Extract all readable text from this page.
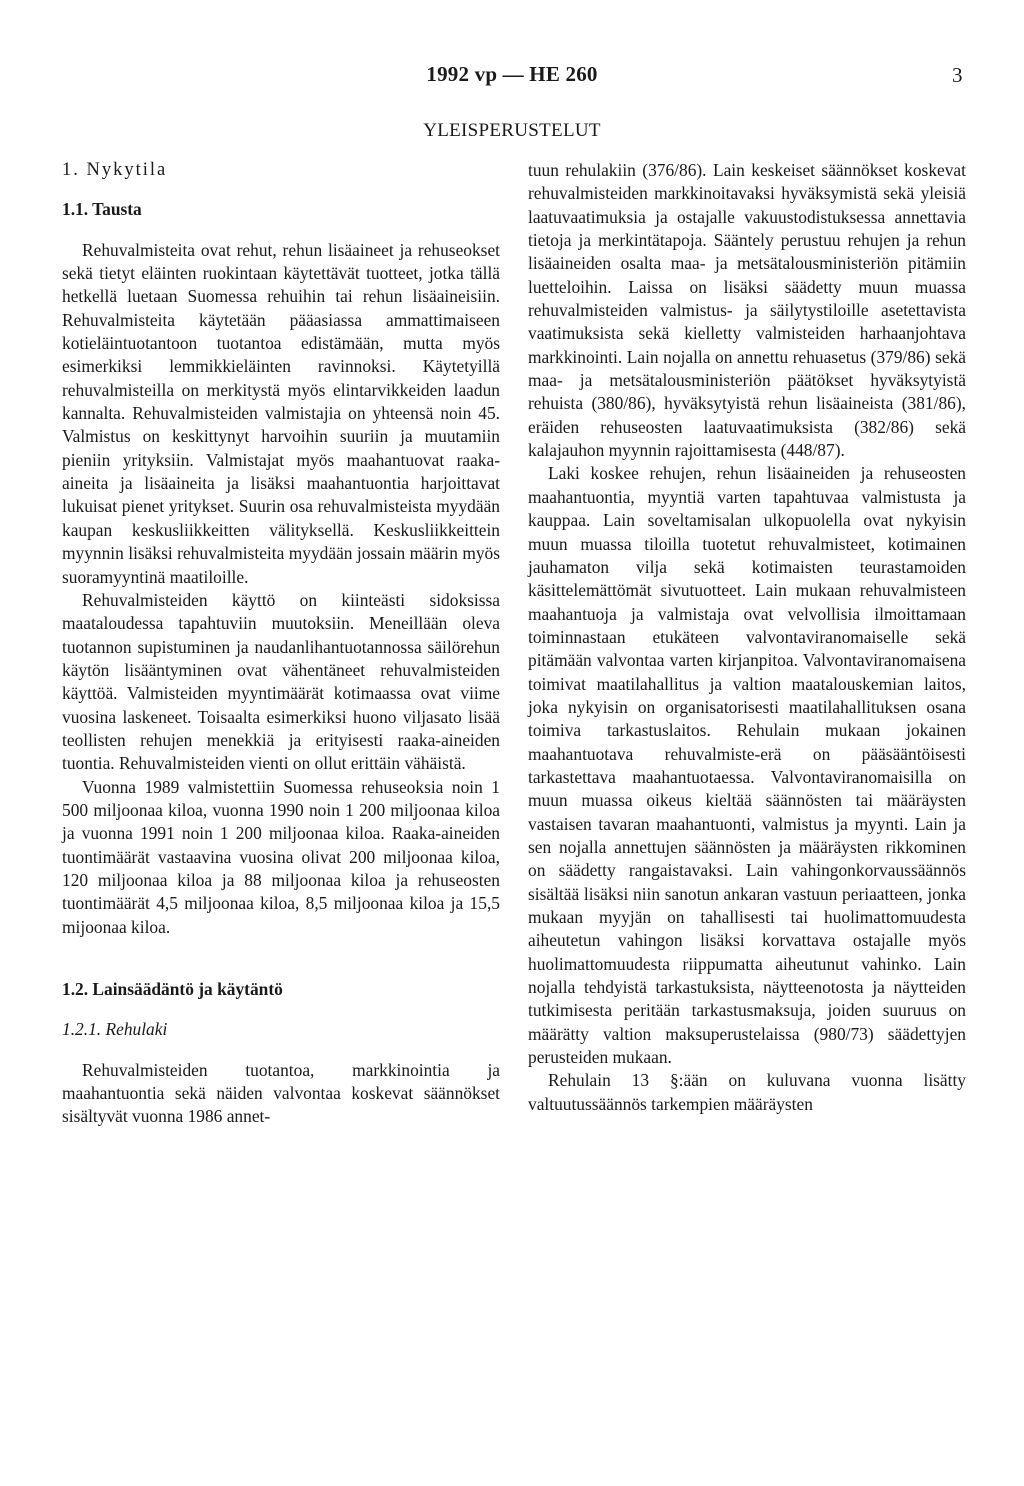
1992 vp — HE 260	3
YLEISPERUSTELUT
1. Nykytila
1.1. Tausta

Rehuvalmisteita ovat rehut, rehun lisäaineet ja rehuseokset sekä tietyt eläinten ruokintaan käytettävät tuotteet, jotka tällä hetkellä luetaan Suomessa rehuihin tai rehun lisäaineisiin. Rehuvalmisteita käytetään pääasiassa ammattimaiseen kotieläintuotantoon tuotantoa edistämään, mutta myös esimerkiksi lemmikkieläinten ravinnoksi. Käytetyillä rehuvalmisteilla on merkitystä myös elintarvikkeiden laadun kannalta. Rehuvalmisteiden valmistajia on yhteensä noin 45. Valmistus on keskittynyt harvoihin suuriin ja muutamiin pieniin yrityksiin. Valmistajat myös maahantuovat raaka-aineita ja lisäaineita ja lisäksi maahantuontia harjoittavat lukuisat pienet yritykset. Suurin osa rehuvalmisteista myydään kaupan keskusliikkeitten välityksellä. Keskusliikkeittein myynnin lisäksi rehuvalmisteita myydään jossain määrin myös suoramyyntinä maatiloille.

Rehuvalmisteiden käyttö on kiinteästi sidoksissa maataloudessa tapahtuviin muutoksiin. Meneillään oleva tuotannon supistuminen ja naudanlihantuotannossa säilörehun käytön lisääntyminen ovat vähentäneet rehuvalmisteiden käyttöä. Valmisteiden myyntimäärät kotimaassa ovat viime vuosina laskeneet. Toisaalta esimerkiksi huono viljasato lisää teollisten rehujen menekkiä ja erityisesti raaka-aineiden tuontia. Rehuvalmisteiden vienti on ollut erittäin vähäistä.

Vuonna 1989 valmistettiin Suomessa rehuseoksia noin 1 500 miljoonaa kiloa, vuonna 1990 noin 1 200 miljoonaa kiloa ja vuonna 1991 noin 1 200 miljoonaa kiloa. Raaka-aineiden tuontimäärät vastaavina vuosina olivat 200 miljoonaa kiloa, 120 miljoonaa kiloa ja 88 miljoonaa kiloa ja rehuseosten tuontimäärät 4,5 miljoonaa kiloa, 8,5 miljoonaa kiloa ja 15,5 mijoonaa kiloa.

1.2. Lainsäädäntö ja käytäntö
1.2.1. Rehulaki

Rehuvalmisteiden tuotantoa, markkinointia ja maahantuontia sekä näiden valvontaa koskevat säännökset sisältyvät vuonna 1986 annet-

tuun rehulakiin (376/86). Lain keskeiset säännökset koskevat rehuvalmisteiden markkinoitavaksi hyväksymistä sekä yleisiä laatuvaatimuksia ja ostajalle vakuustodistuksessa annettavia tietoja ja merkintätapoja. Sääntely perustuu rehujen ja rehun lisäaineiden osalta maa- ja metsätalousministeriön pitämiin luetteloihin. Laissa on lisäksi säädetty muun muassa rehuvalmisteiden valmistus- ja säilytystiloille asetettavista vaatimuksista sekä kielletty valmisteiden harhaanjohtava markkinointi. Lain nojalla on annettu rehuasetus (379/86) sekä maa- ja metsätalousministeriön päätökset hyväksytyistä rehuista (380/86), hyväksytyistä rehun lisäaineista (381/86), eräiden rehuseosten laatuvaatimuksista (382/86) sekä kalajauhon myynnin rajoittamisesta (448/87).

Laki koskee rehujen, rehun lisäaineiden ja rehuseosten maahantuontia, myyntiä varten tapahtuvaa valmistusta ja kauppaa. Lain soveltamisalan ulkopuolella ovat nykyisin muun muassa tiloilla tuotetut rehuvalmisteet, kotimainen jauhamaton vilja sekä kotimaisten teurastamoiden käsittelemättömät sivutuotteet. Lain mukaan rehuvalmisteen maahantuoja ja valmistaja ovat velvollisia ilmoittamaan toiminnastaan etukäteen valvontaviranomaiselle sekä pitämään valvontaa varten kirjanpitoa. Valvontaviranomaisena toimivat maatilahallitus ja valtion maatalouskemian laitos, joka nykyisin on organisatorisesti maatilahallituksen osana toimiva tarkastuslaitos. Rehulain mukaan jokainen maahantuotava rehuvalmiste-erä on pääsääntöisesti tarkastettava maahantuotaessa. Valvontaviranomaisilla on muun muassa oikeus kieltää säännösten tai määräysten vastaisen tavaran maahantuonti, valmistus ja myynti. Lain ja sen nojalla annettujen säännösten ja määräysten rikkominen on säädetty rangaistavaksi. Lain vahingonkorvaussäännös sisältää lisäksi niin sanotun ankaran vastuun periaatteen, jonka mukaan myyjän on tahallisesti tai huolimattomuudesta aiheutetun vahingon lisäksi korvattava ostajalle myös huolimattomuudesta riippumatta aiheutunut vahinko. Lain nojalla tehdyistä tarkastuksista, näytteenotosta ja näytteiden tutkimisesta peritään tarkastusmaksuja, joiden suuruus on määrätty valtion maksuperustelaissa (980/73) säädettyjen perusteiden mukaan.

Rehulain 13 §:ään on kuluvana vuonna lisätty valtuutussäännös tarkempien määräysten
